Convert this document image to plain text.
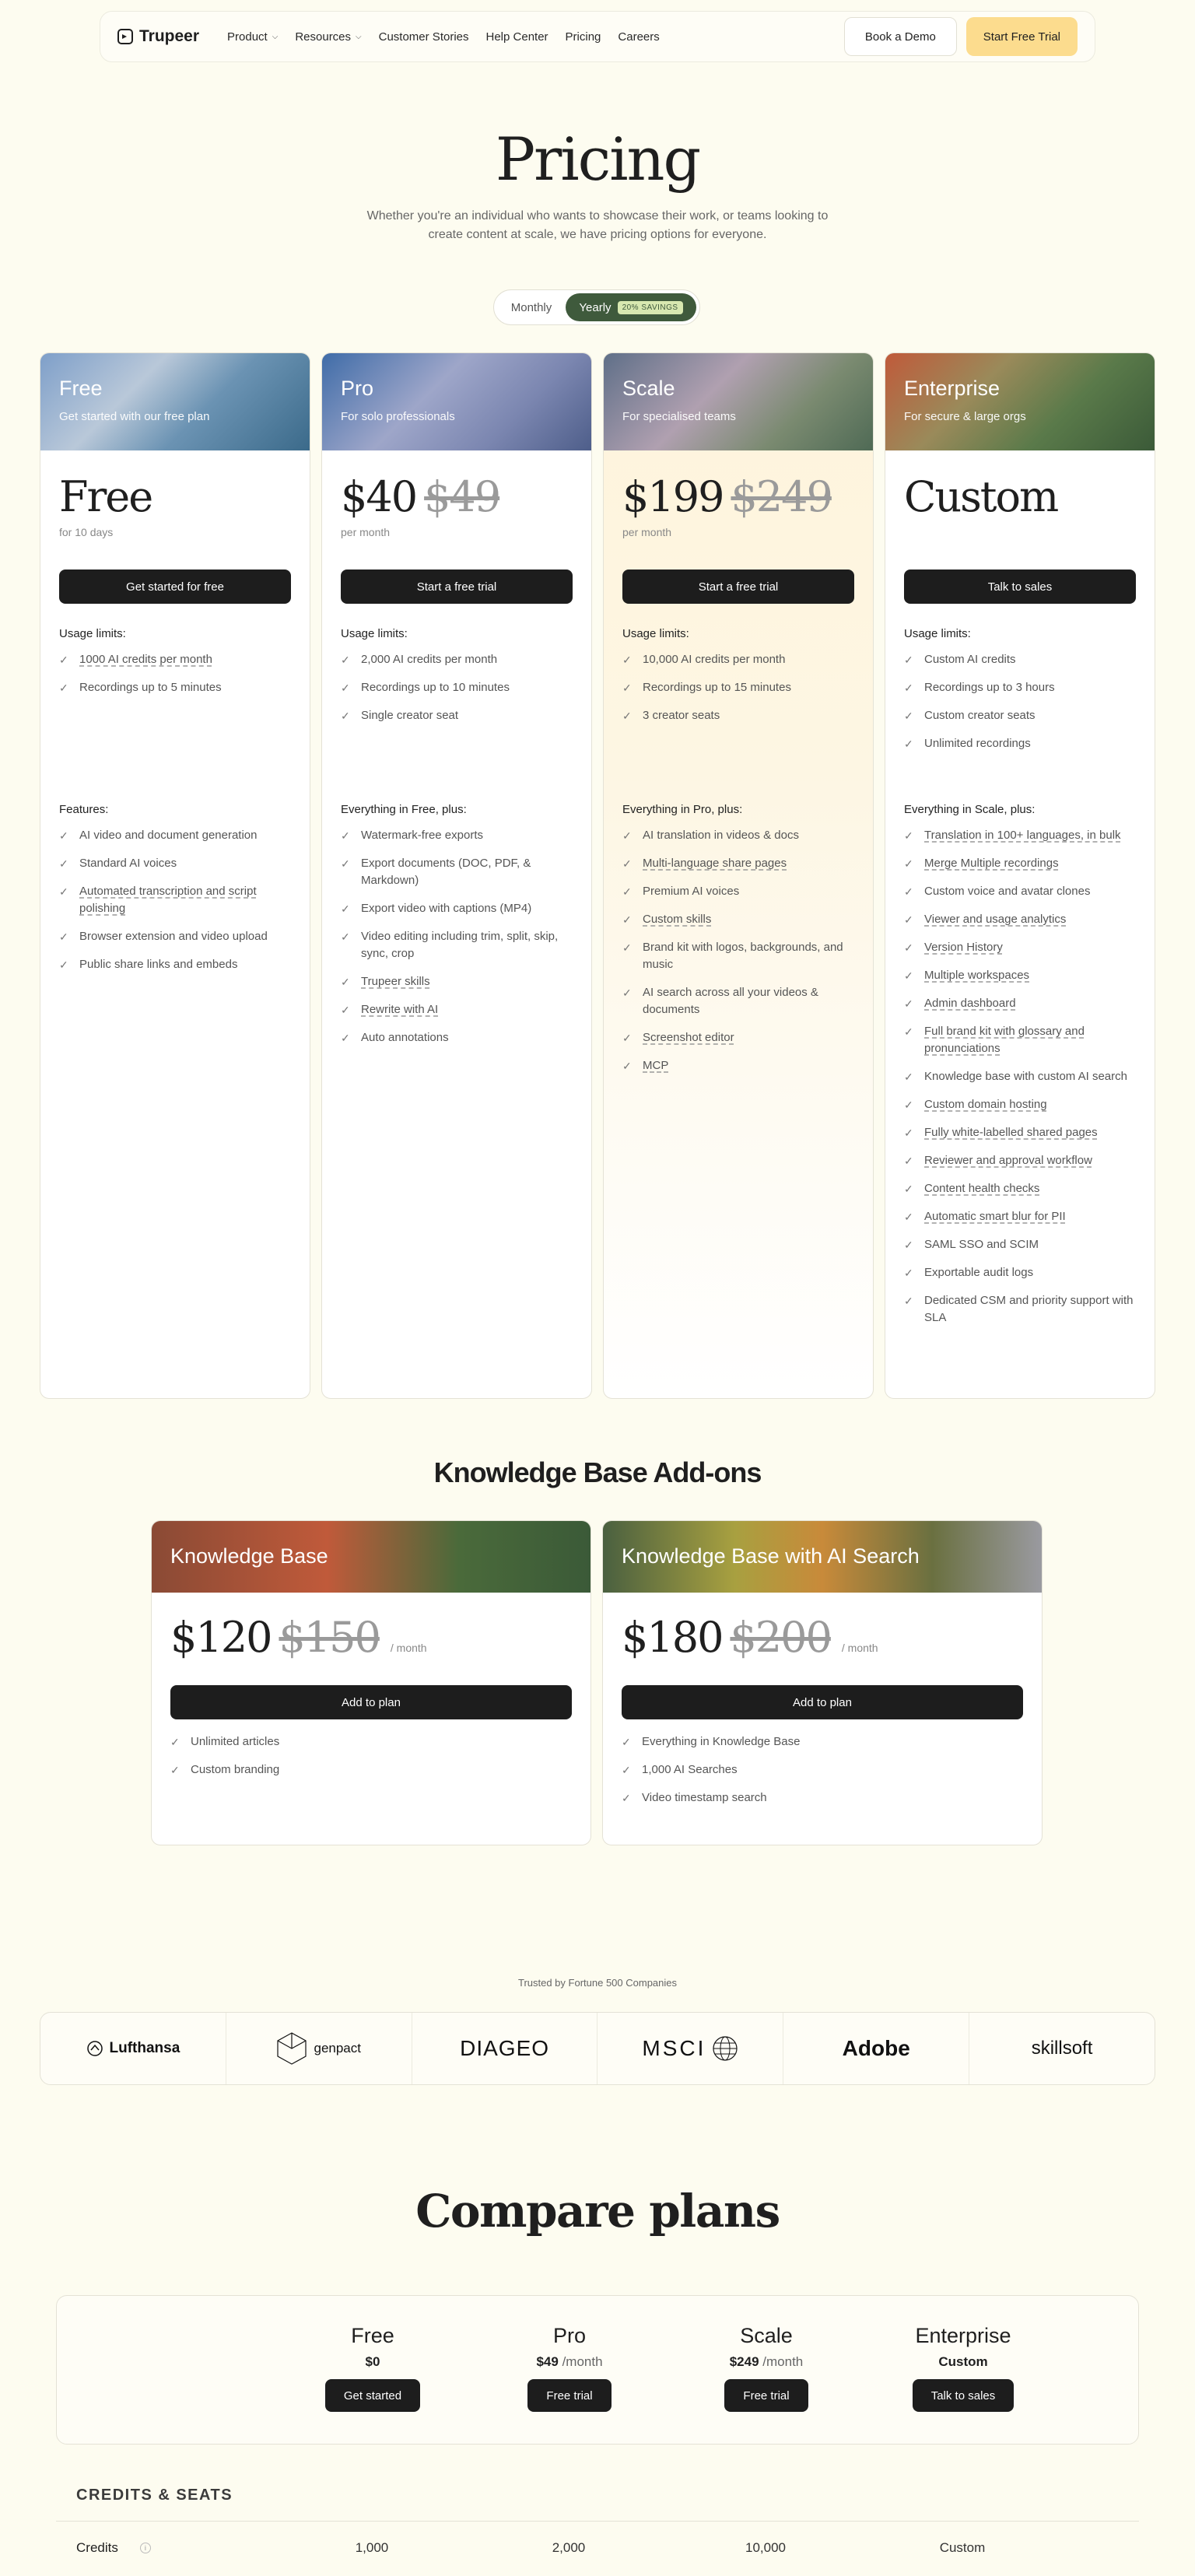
Trupeer Product ⌵ Resources ⌵ Customer Stories Help Center Pricing Careers	Book a Demo	Start Free Trial
Pricing

Whether you're an individual who wants to showcase their work, or teams looking to create content at scale, we have pricing options for everyone.

Monthly	Yearly	20% SAVINGS
Free
Get started with our free plan
Free
for 10 days
Get started for free
Usage limits:
✓ 1000 AI credits per month
✓ Recordings up to 5 minutes
Features:
✓ AI video and document generation
✓ Standard AI voices
✓ Automated transcription and script polishing
✓ Browser extension and video upload
✓ Public share links and embeds
Pro
For solo professionals
$40 $49
per month
Start a free trial
Usage limits:
✓ 2,000 AI credits per month
✓ Recordings up to 10 minutes
✓ Single creator seat
Everything in Free, plus:
✓ Watermark-free exports
✓ Export documents (DOC, PDF, & Markdown)
✓ Export video with captions (MP4)
✓ Video editing including trim, split, skip, sync, crop
✓ Trupeer skills
✓ Rewrite with AI
✓ Auto annotations
Scale
For specialised teams
$199 $249
per month
Start a free trial
Usage limits:
✓ 10,000 AI credits per month
✓ Recordings up to 15 minutes
✓ 3 creator seats
Everything in Pro, plus:
✓ AI translation in videos & docs
✓ Multi-language share pages
✓ Premium AI voices
✓ Custom skills
✓ Brand kit with logos, backgrounds, and music
✓ AI search across all your videos & documents
✓ Screenshot editor
✓ MCP
Enterprise
For secure & large orgs
Custom
Talk to sales
Usage limits:
✓ Custom AI credits
✓ Recordings up to 3 hours
✓ Custom creator seats
✓ Unlimited recordings
Everything in Scale, plus:
✓ Translation in 100+ languages, in bulk
✓ Merge Multiple recordings
✓ Custom voice and avatar clones
✓ Viewer and usage analytics
✓ Version History
✓ Multiple workspaces
✓ Admin dashboard
✓ Full brand kit with glossary and pronunciations
✓ Knowledge base with custom AI search
✓ Custom domain hosting
✓ Fully white-labelled shared pages
✓ Reviewer and approval workflow
✓ Content health checks
✓ Automatic smart blur for PII
✓ SAML SSO and SCIM
✓ Exportable audit logs
✓ Dedicated CSM and priority support with SLA
Knowledge Base Add-ons
Knowledge Base
$120 $150 / month
Add to plan
✓ Unlimited articles
✓ Custom branding
Knowledge Base with AI Search
$180 $200 / month
Add to plan
✓ Everything in Knowledge Base
✓ 1,000 AI Searches
✓ Video timestamp search
Trusted by Fortune 500 Companies
Lufthansa	genpact	DIAGEO	MSCI	Adobe	skillsoft
Compare plans
Free
$0
Get started
Pro
$49 /month
Free trial
Scale
$249 /month
Free trial
Enterprise
Custom
Talk to sales
CREDITS & SEATS
Credits	i	1,000	2,000	10,000	Custom
